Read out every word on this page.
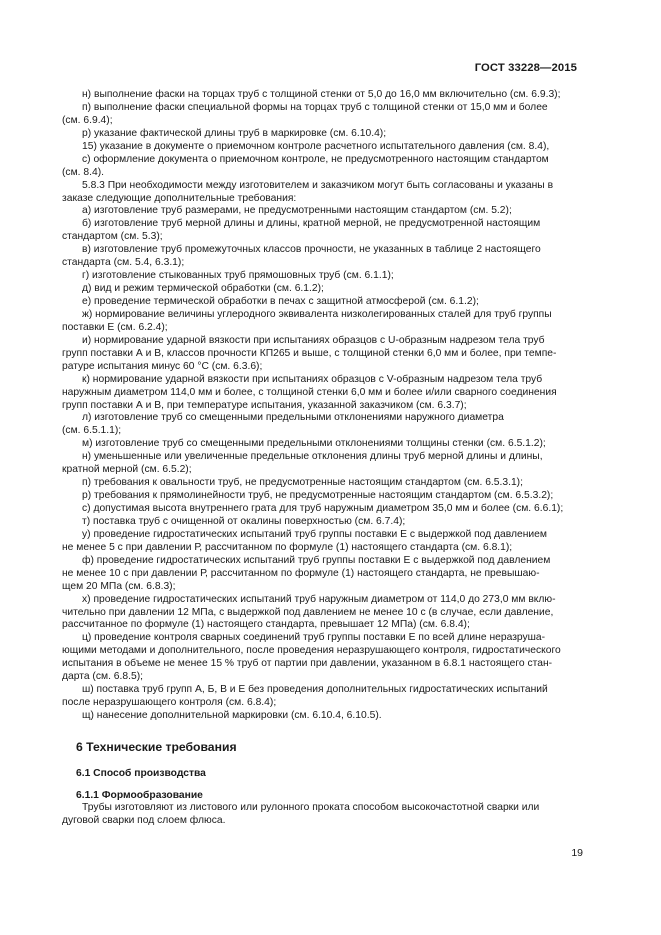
ГОСТ 33228—2015

н) выполнение фаски на торцах труб с толщиной стенки от 5,0 до 16,0 мм включительно (см. 6.9.3);

п) выполнение фаски специальной формы на торцах труб с толщиной стенки от 15,0 мм и более
(см. 6.9.4);

р) указание фактической длины труб в маркировке (см. 6.10.4);

15) указание в документе о приемочном контроле расчетного испытательного давления (см. 8.4),

с) оформление документа о приемочном контроле, не предусмотренного настоящим стандартом
(см. 8.4).

5.8.3 При необходимости между изготовителем и заказчиком могут быть согласованы и указаны в
заказе следующие дополнительные требования:

а) изготовление труб размерами, не предусмотренными настоящим стандартом (см. 5.2);

б) изготовление труб мерной длины и длины, кратной мерной, не предусмотренной настоящим
стандартом (см. 5.3);

в) изготовление труб промежуточных классов прочности, не указанных в таблице 2 настоящего
стандарта (см. 5.4, 6.3.1);

г) изготовление стыкованных труб прямошовных труб (см. 6.1.1);

д) вид и режим термической обработки (см. 6.1.2);

е) проведение термической обработки в печах с защитной атмосферой (см. 6.1.2);

ж) нормирование величины углеродного эквивалента низколегированных сталей для труб группы
поставки Е (см. 6.2.4);

и) нормирование ударной вязкости при испытаниях образцов с U-образным надрезом тела труб
групп поставки А и В, классов прочности КП265 и выше, с толщиной стенки 6,0 мм и более, при темпе-
ратуре испытания минус 60 °С (см. 6.3.6);

к) нормирование ударной вязкости при испытаниях образцов с V-образным надрезом тела труб
наружным диаметром 114,0 мм и более, с толщиной стенки 6,0 мм и более и/или сварного соединения
групп поставки А и В, при температуре испытания, указанной заказчиком (см. 6.3.7);

л) изготовление труб со смещенными предельными отклонениями наружного диаметра
(см. 6.5.1.1);

м) изготовление труб со смещенными предельными отклонениями толщины стенки (см. 6.5.1.2);

н) уменьшенные или увеличенные предельные отклонения длины труб мерной длины и длины,
кратной мерной (см. 6.5.2);

п) требования к овальности труб, не предусмотренные настоящим стандартом (см. 6.5.3.1);

р) требования к прямолинейности труб, не предусмотренные настоящим стандартом (см. 6.5.3.2);

с) допустимая высота внутреннего грата для труб наружным диаметром 35,0 мм и более (см. 6.6.1);

т) поставка труб с очищенной от окалины поверхностью (см. 6.7.4);

у) проведение гидростатических испытаний труб группы поставки Е с выдержкой под давлением
не менее 5 с при давлении Р, рассчитанном по формуле (1) настоящего стандарта (см. 6.8.1);

ф) проведение гидростатических испытаний труб группы поставки Е с выдержкой под давлением
не менее 10 с при давлении Р, рассчитанном по формуле (1) настоящего стандарта, не превышаю-
щем 20 МПа (см. 6.8.3);

х) проведение гидростатических испытаний труб наружным диаметром от 114,0 до 273,0 мм вклю-
чительно при давлении 12 МПа, с выдержкой под давлением не менее 10 с (в случае, если давление,
рассчитанное по формуле (1) настоящего стандарта, превышает 12 МПа) (см. 6.8.4);

ц) проведение контроля сварных соединений труб группы поставки Е по всей длине неразруша-
ющими методами и дополнительного, после проведения неразрушающего контроля, гидростатического
испытания в объеме не менее 15 % труб от партии при давлении, указанном в 6.8.1 настоящего стан-
дарта (см. 6.8.5);

ш) поставка труб групп А, Б, В и Е без проведения дополнительных гидростатических испытаний
после неразрушающего контроля (см. 6.8.4);

щ) нанесение дополнительной маркировки (см. 6.10.4, 6.10.5).

6 Технические требования
6.1 Способ производства
6.1.1 Формообразование

Трубы изготовляют из листового или рулонного проката способом высокочастотной сварки или
дуговой сварки под слоем флюса.

19
